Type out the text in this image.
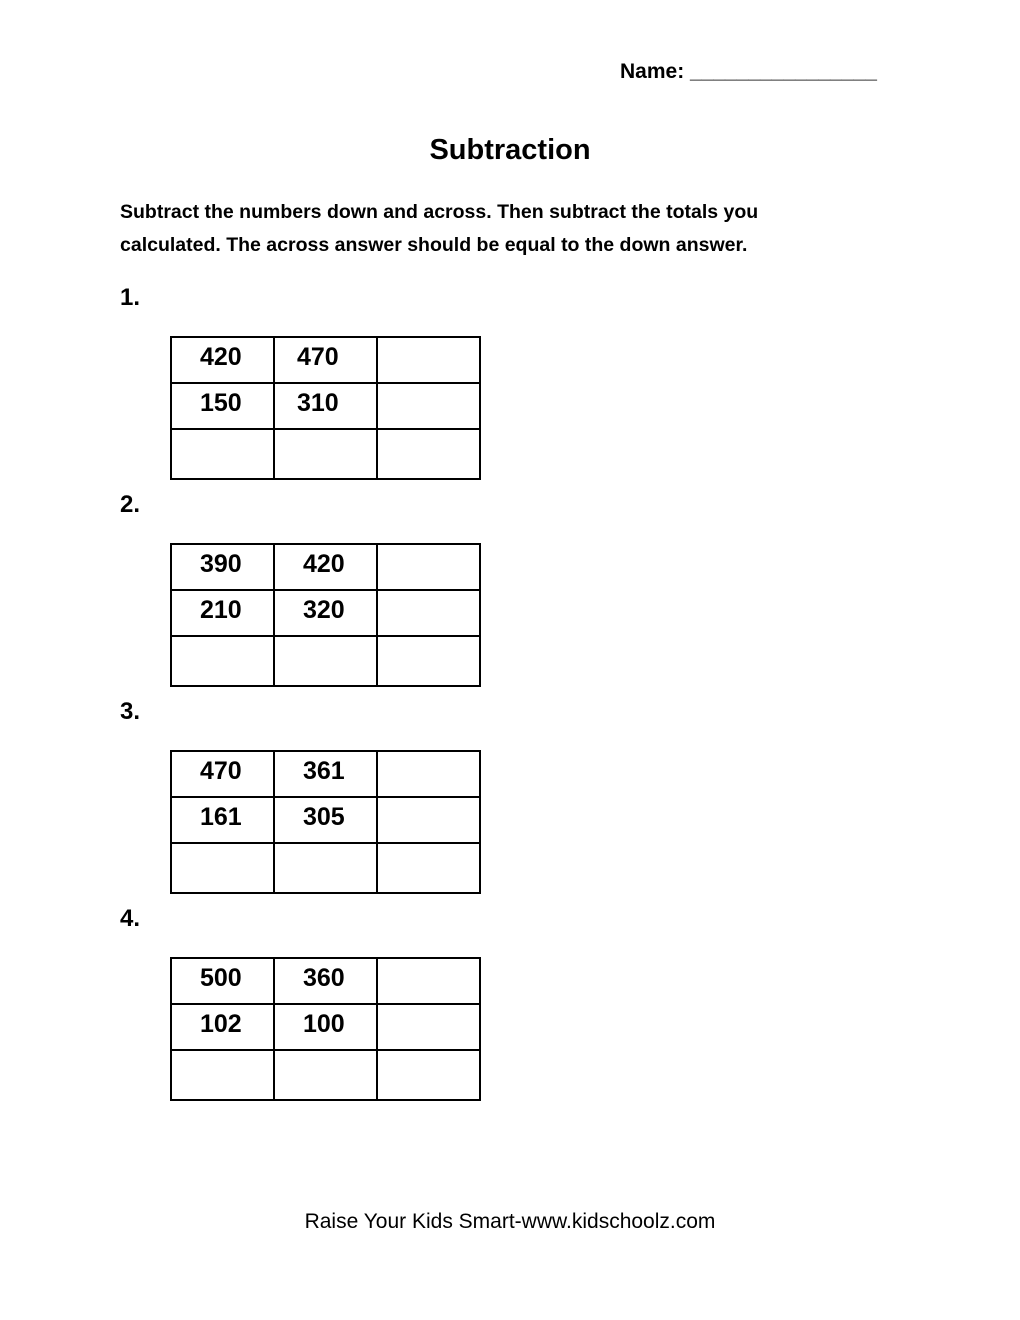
Name: ________________
Subtraction
Subtract the numbers down and across. Then subtract the totals you
calculated. The across answer should be equal to the down answer.
1.
420	470	
150	310	

2.
390	420	
210	320	

3.
470	361	
161	305	

4.
500	360	
102	100	

Raise Your Kids Smart-www.kidschoolz.com
